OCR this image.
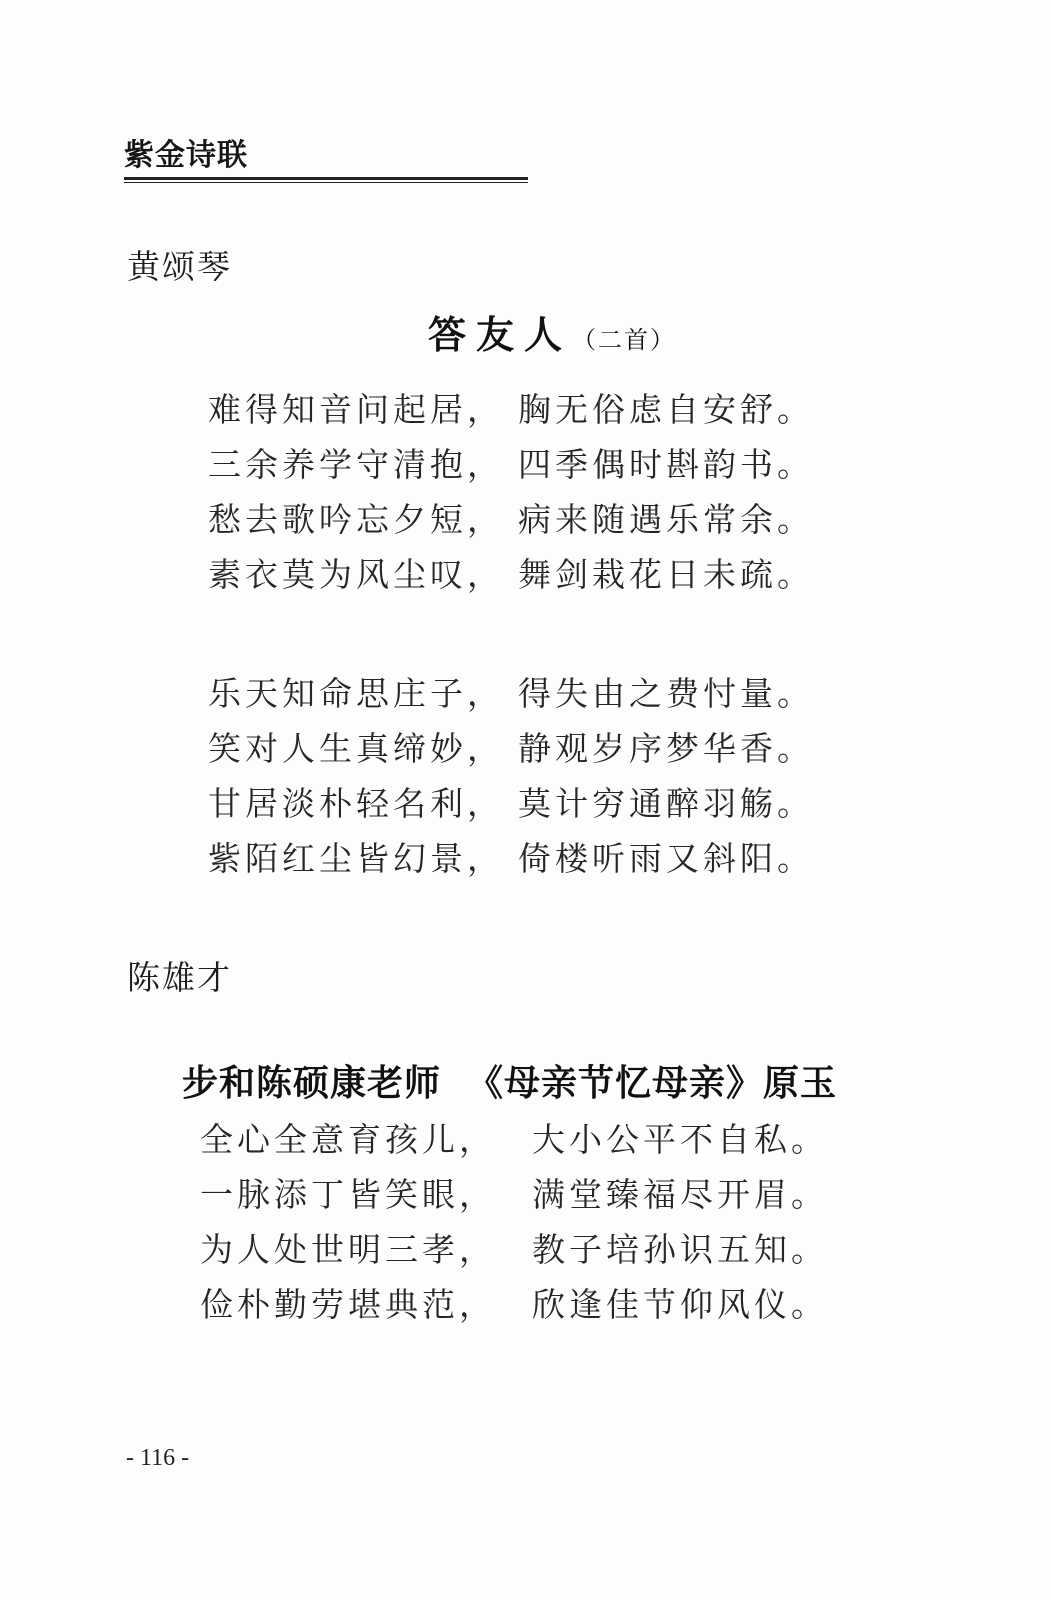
紫金诗联
黄颂琴
答友人（二首）
难得知音问起居， 胸无俗虑自安舒。
三余养学守清抱， 四季偶时斟韵书。
愁去歌吟忘夕短， 病来随遇乐常余。
素衣莫为风尘叹， 舞剑栽花日未疏。
乐天知命思庄子， 得失由之费忖量。
笑对人生真缔妙， 静观岁序梦华香。
甘居淡朴轻名利， 莫计穷通醉羽觞。
紫陌红尘皆幻景， 倚楼听雨又斜阳。
陈雄才
步和陈硕康老师 《母亲节忆母亲》原玉
全心全意育孩儿， 大小公平不自私。
一脉添丁皆笑眼， 满堂臻福尽开眉。
为人处世明三孝， 教子培孙识五知。
俭朴勤劳堪典范， 欣逢佳节仰风仪。
- 116 -
